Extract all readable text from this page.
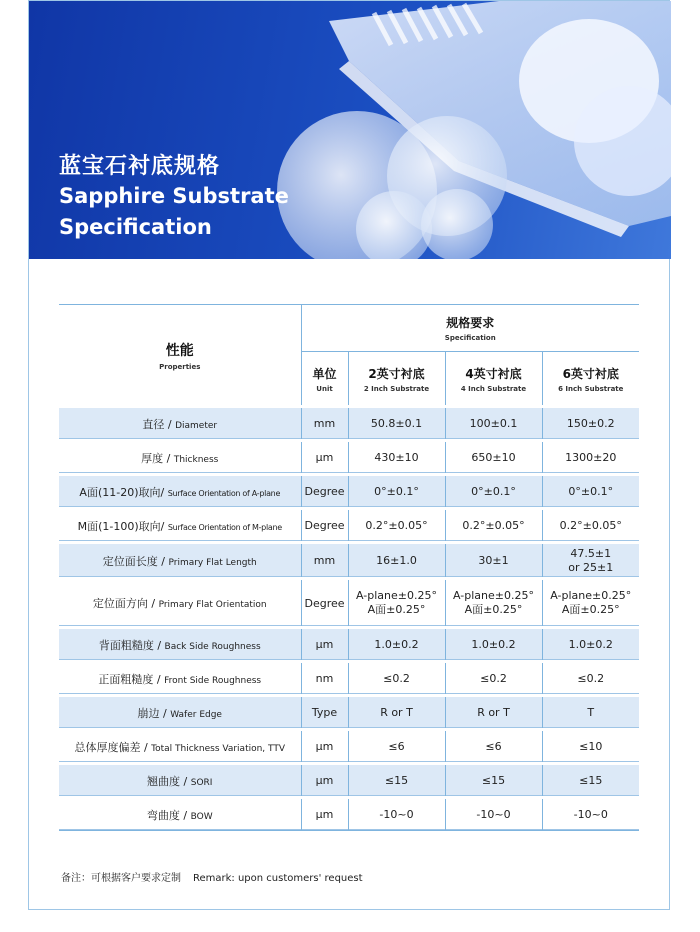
蓝宝石衬底规格

Sapphire Substrate
Specification

性能
Properties	规格要求
Specification			

	单位
Unit	2英寸衬底
2 Inch Substrate	4英寸衬底
4 Inch Substrate	6英寸衬底
6 Inch Substrate

直径 / Diameter	mm	50.8±0.1	100±0.1	150±0.2
厚度 / Thickness	μm	430±10	650±10	1300±20
A面(11-20)取向/ Surface Orientation of A-plane	Degree	0°±0.1°	0°±0.1°	0°±0.1°
M面(1-100)取向/ Surface Orientation of M-plane	Degree	0.2°±0.05°	0.2°±0.05°	0.2°±0.05°
定位面长度 / Primary Flat Length	mm	16±1.0	30±1	47.5±1
or 25±1
定位面方向 / Primary Flat Orientation	Degree	A-plane±0.25°
A面±0.25°	A-plane±0.25°
A面±0.25°	A-plane±0.25°
A面±0.25°
背面粗糙度 / Back Side Roughness	μm	1.0±0.2	1.0±0.2	1.0±0.2
正面粗糙度 / Front Side Roughness	nm	≤0.2	≤0.2	≤0.2
崩边 / Wafer Edge	Type	R or T	R or T	T
总体厚度偏差 / Total Thickness Variation, TTV	μm	≤6	≤6	≤10
翘曲度 / SORI	μm	≤15	≤15	≤15
弯曲度 / BOW	μm	-10~0	-10~0	-10~0

备注：可根据客户要求定制 Remark: upon customers' request
